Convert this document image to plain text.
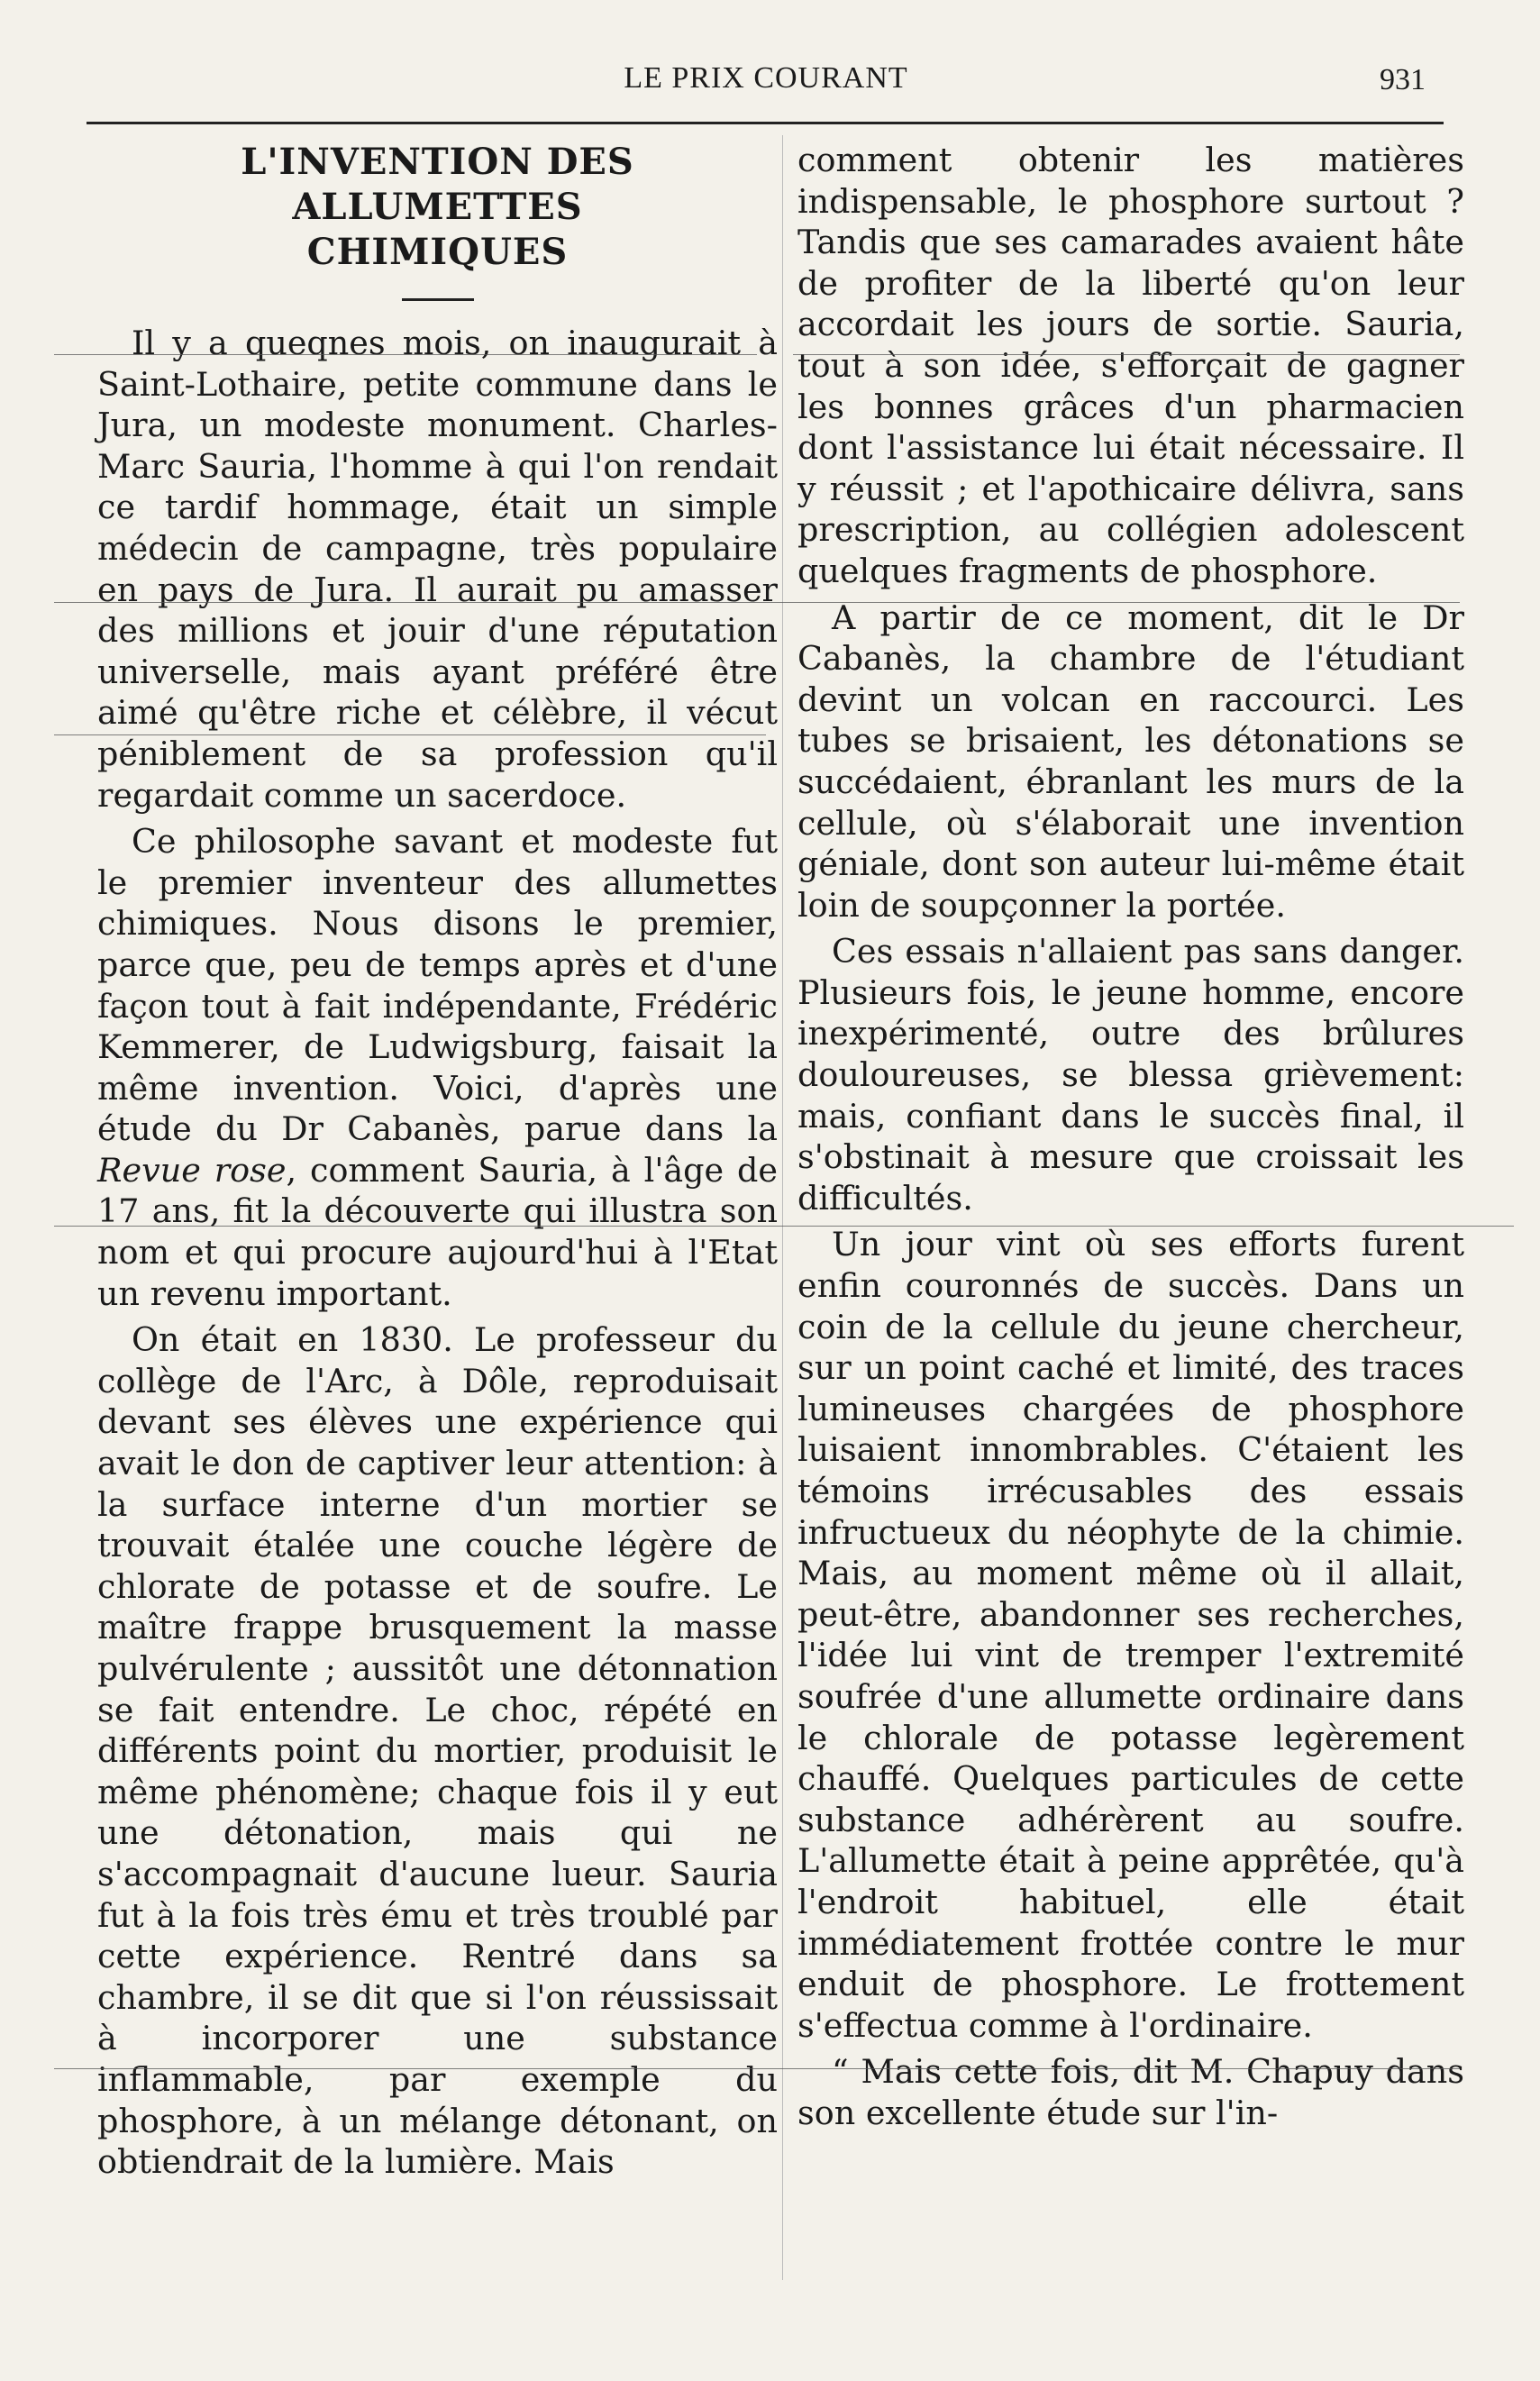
LE PRIX COURANT	931
L'INVENTION DES ALLUMETTES
CHIMIQUES

Il y a queqnes mois, on inaugurait à Saint-Lothaire, petite commune dans le Jura, un modeste monument. Charles-Marc Sauria, l'homme à qui l'on rendait ce tardif hommage, était un simple médecin de campagne, très populaire en pays de Jura. Il aurait pu amasser des millions et jouir d'une réputation universelle, mais ayant préféré être aimé qu'être riche et célèbre, il vécut péniblement de sa profession qu'il regardait comme un sacerdoce.

Ce philosophe savant et modeste fut le premier inventeur des allumettes chimiques. Nous disons le premier, parce que, peu de temps après et d'une façon tout à fait indépendante, Frédéric Kemmerer, de Ludwigsburg, faisait la même invention. Voici, d'après une étude du Dr Cabanès, parue dans la Revue rose, comment Sauria, à l'âge de 17 ans, fit la découverte qui illustra son nom et qui procure aujourd'hui à l'Etat un revenu important.

On était en 1830. Le professeur du collège de l'Arc, à Dôle, reproduisait devant ses élèves une expérience qui avait le don de captiver leur attention: à la surface interne d'un mortier se trouvait étalée une couche légère de chlorate de potasse et de soufre. Le maître frappe brusquement la masse pulvérulente ; aussitôt une détonnation se fait entendre. Le choc, répété en différents point du mortier, produisit le même phénomène; chaque fois il y eut une détonation, mais qui ne s'accompagnait d'aucune lueur. Sauria fut à la fois très ému et très troublé par cette expérience. Rentré dans sa chambre, il se dit que si l'on réussissait à incorporer une substance inflammable, par exemple du phosphore, à un mélange détonant, on obtiendrait de la lumière. Mais

comment obtenir les matières indispensable, le phosphore surtout ? Tandis que ses camarades avaient hâte de profiter de la liberté qu'on leur accordait les jours de sortie. Sauria, tout à son idée, s'efforçait de gagner les bonnes grâces d'un pharmacien dont l'assistance lui était nécessaire. Il y réussit ; et l'apothicaire délivra, sans prescription, au collégien adolescent quelques fragments de phosphore.

A partir de ce moment, dit le Dr Cabanès, la chambre de l'étudiant devint un volcan en raccourci. Les tubes se brisaient, les détonations se succédaient, ébranlant les murs de la cellule, où s'élaborait une invention géniale, dont son auteur lui-même était loin de soupçonner la portée.

Ces essais n'allaient pas sans danger. Plusieurs fois, le jeune homme, encore inexpérimenté, outre des brûlures douloureuses, se blessa grièvement: mais, confiant dans le succès final, il s'obstinait à mesure que croissait les difficultés.

Un jour vint où ses efforts furent enfin couronnés de succès. Dans un coin de la cellule du jeune chercheur, sur un point caché et limité, des traces lumineuses chargées de phosphore luisaient innombrables. C'étaient les témoins irrécusables des essais infructueux du néophyte de la chimie. Mais, au moment même où il allait, peut-être, abandonner ses recherches, l'idée lui vint de tremper l'extremité soufrée d'une allumette ordinaire dans le chlorale de potasse legèrement chauffé. Quelques particules de cette substance adhérèrent au soufre. L'allumette était à peine apprêtée, qu'à l'endroit habituel, elle était immédiatement frottée contre le mur enduit de phosphore. Le frottement s'effectua comme à l'ordinaire.

“ Mais cette fois, dit M. Chapuy dans son excellente étude sur l'in-
